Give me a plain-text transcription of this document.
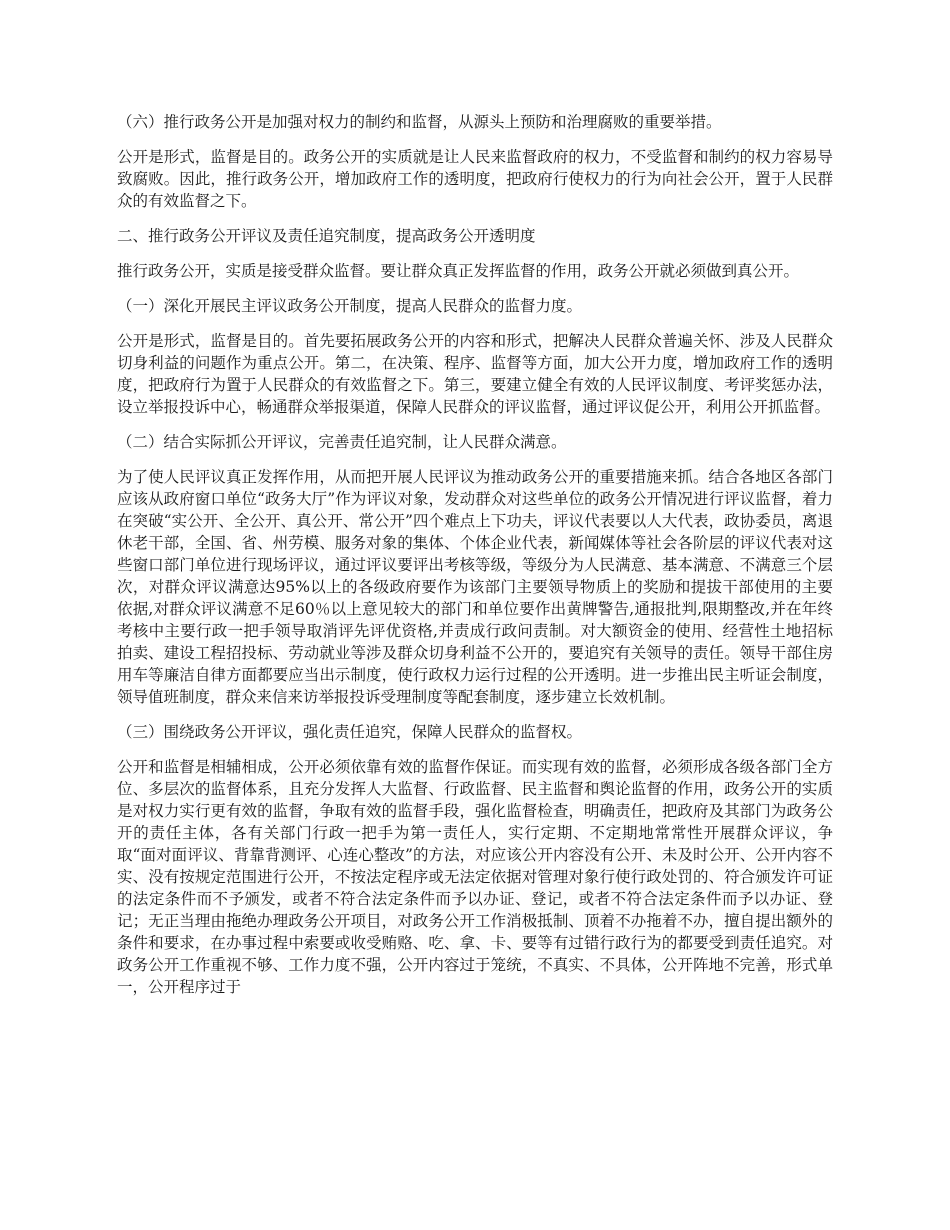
（六）推行政务公开是加强对权力的制约和监督，从源头上预防和治理腐败的重要举措。

公开是形式，监督是目的。政务公开的实质就是让人民来监督政府的权力，不受监督和制约的权力容易导致腐败。因此，推行政务公开，增加政府工作的透明度，把政府行使权力的行为向社会公开，置于人民群众的有效监督之下。

二、推行政务公开评议及责任追究制度，提高政务公开透明度

推行政务公开，实质是接受群众监督。要让群众真正发挥监督的作用，政务公开就必须做到真公开。

（一）深化开展民主评议政务公开制度，提高人民群众的监督力度。

公开是形式，监督是目的。首先要拓展政务公开的内容和形式，把解决人民群众普遍关怀、涉及人民群众切身利益的问题作为重点公开。第二，在决策、程序、监督等方面，加大公开力度，增加政府工作的透明度，把政府行为置于人民群众的有效监督之下。第三，要建立健全有效的人民评议制度、考评奖惩办法，设立举报投诉中心，畅通群众举报渠道，保障人民群众的评议监督，通过评议促公开，利用公开抓监督。

（二）结合实际抓公开评议，完善责任追究制，让人民群众满意。

为了使人民评议真正发挥作用，从而把开展人民评议为推动政务公开的重要措施来抓。结合各地区各部门应该从政府窗口单位“政务大厅”作为评议对象，发动群众对这些单位的政务公开情况进行评议监督，着力在突破“实公开、全公开、真公开、常公开”四个难点上下功夫，评议代表要以人大代表，政协委员，离退休老干部，全国、省、州劳模、服务对象的集体、个体企业代表，新闻媒体等社会各阶层的评议代表对这些窗口部门单位进行现场评议，通过评议要评出考核等级，等级分为人民满意、基本满意、不满意三个层次，对群众评议满意达95%以上的各级政府要作为该部门主要领导物质上的奖励和提拔干部使用的主要依据,对群众评议满意不足60％以上意见较大的部门和单位要作出黄牌警告,通报批判,限期整改,并在年终考核中主要行政一把手领导取消评先评优资格,并责成行政问责制。对大额资金的使用、经营性土地招标拍卖、建设工程招投标、劳动就业等涉及群众切身利益不公开的，要追究有关领导的责任。领导干部住房用车等廉洁自律方面都要应当出示制度，使行政权力运行过程的公开透明。进一步推出民主听证会制度，领导值班制度，群众来信来访举报投诉受理制度等配套制度，逐步建立长效机制。

（三）围绕政务公开评议，强化责任追究，保障人民群众的监督权。

公开和监督是相辅相成，公开必须依靠有效的监督作保证。而实现有效的监督，必须形成各级各部门全方位、多层次的监督体系，且充分发挥人大监督、行政监督、民主监督和舆论监督的作用，政务公开的实质是对权力实行更有效的监督，争取有效的监督手段，强化监督检查，明确责任，把政府及其部门为政务公开的责任主体，各有关部门行政一把手为第一责任人，实行定期、不定期地常常性开展群众评议，争取“面对面评议、背靠背测评、心连心整改”的方法，对应该公开内容没有公开、未及时公开、公开内容不实、没有按规定范围进行公开，不按法定程序或无法定依据对管理对象行使行政处罚的、符合颁发许可证的法定条件而不予颁发，或者不符合法定条件而予以办证、登记，或者不符合法定条件而予以办证、登记；无正当理由拖绝办理政务公开项目，对政务公开工作消极抵制、顶着不办拖着不办，擅自提出额外的条件和要求，在办事过程中索要或收受贿赂、吃、拿、卡、要等有过错行政行为的都要受到责任追究。对政务公开工作重视不够、工作力度不强，公开内容过于笼统，不真实、不具体，公开阵地不完善，形式单一，公开程序过于
